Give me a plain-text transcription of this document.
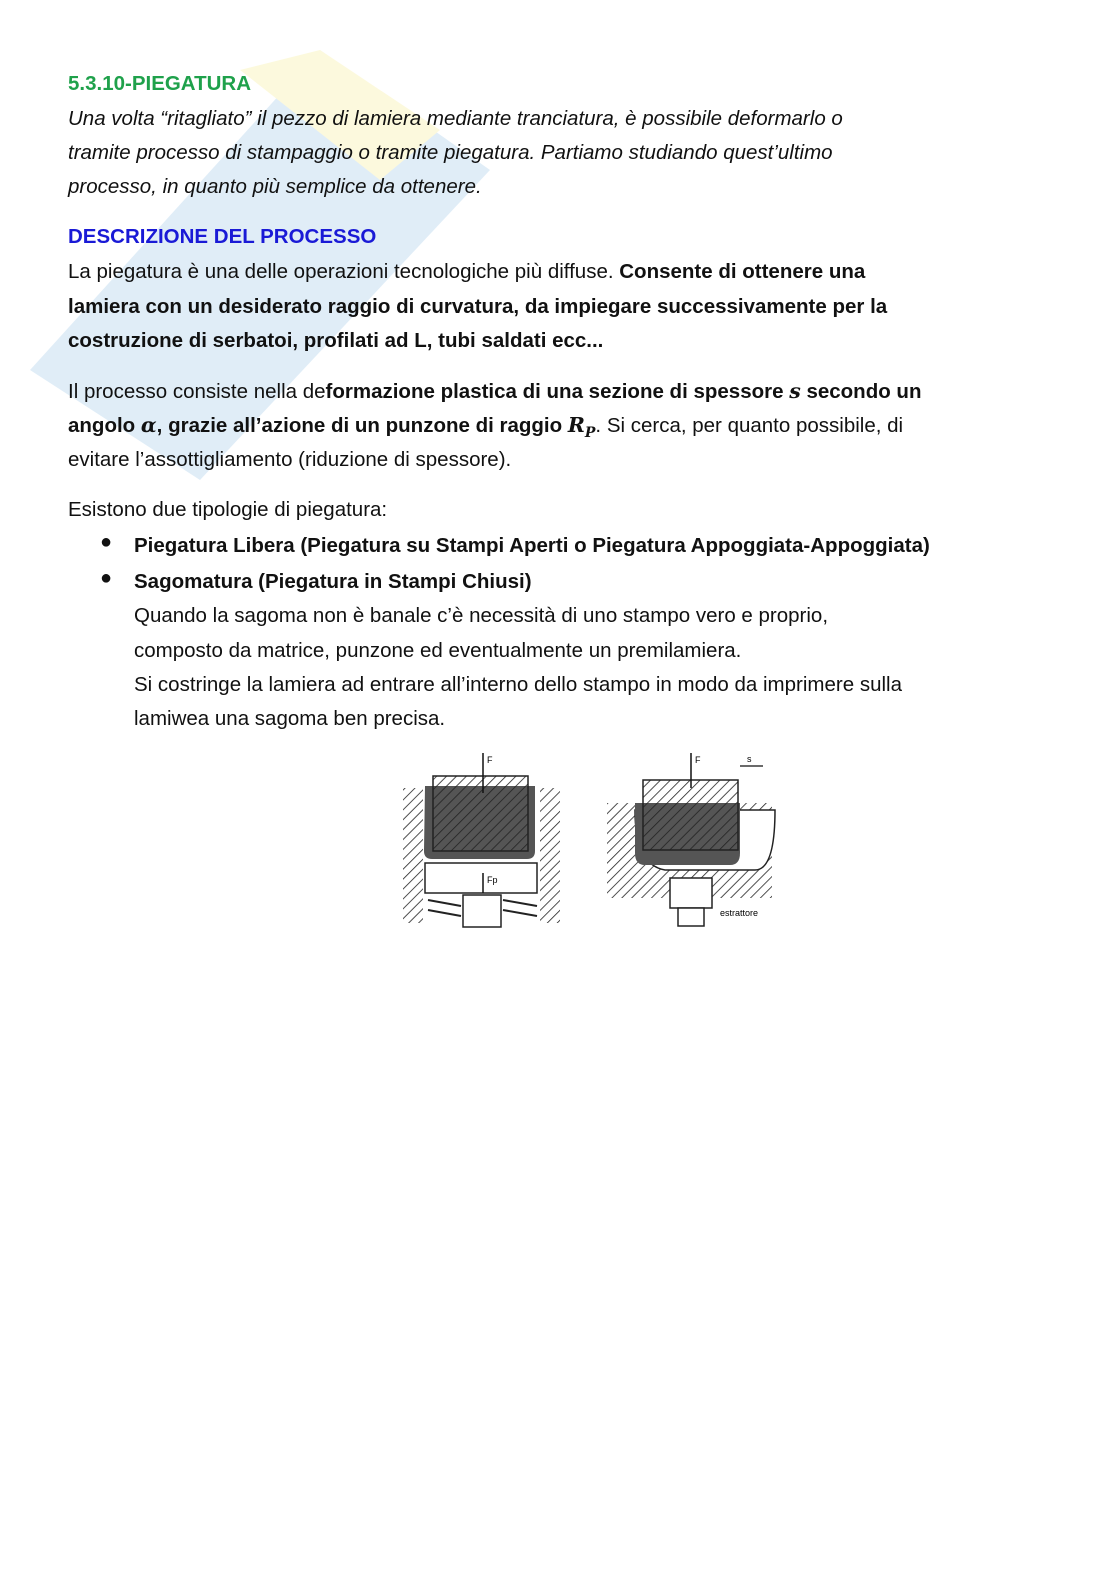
5.3.10-PIEGATURA
Una volta “ritagliato” il pezzo di lamiera mediante tranciatura, è possibile deformarlo o
tramite processo di stampaggio o tramite piegatura. Partiamo studiando quest’ultimo
processo, in quanto più semplice da ottenere.
DESCRIZIONE DEL PROCESSO
La piegatura è una delle operazioni tecnologiche più diffuse. Consente di ottenere una
lamiera con un desiderato raggio di curvatura, da impiegare successivamente per la
costruzione di serbatoi, profilati ad L, tubi saldati ecc...
Il processo consiste nella deformazione plastica di una sezione di spessore s secondo un
angolo α, grazie all’azione di un punzone di raggio $R_P$. Si cerca, per quanto possibile, di
evitare l’assottigliamento (riduzione di spessore).
Esistono due tipologie di piegatura:
● Piegatura Libera (Piegatura su Stampi Aperti o Piegatura Appoggiata-Appoggiata)
● Sagomatura (Piegatura in Stampi Chiusi)
Quando la sagoma non è banale c’è necessità di uno stampo vero e proprio,
composto da matrice, punzone ed eventualmente un premilamiera.
Si costringe la lamiera ad entrare all’interno dello stampo in modo da imprimere sulla
lamiwea una sagoma ben precisa.
F
Fp
F	s
estrattore
